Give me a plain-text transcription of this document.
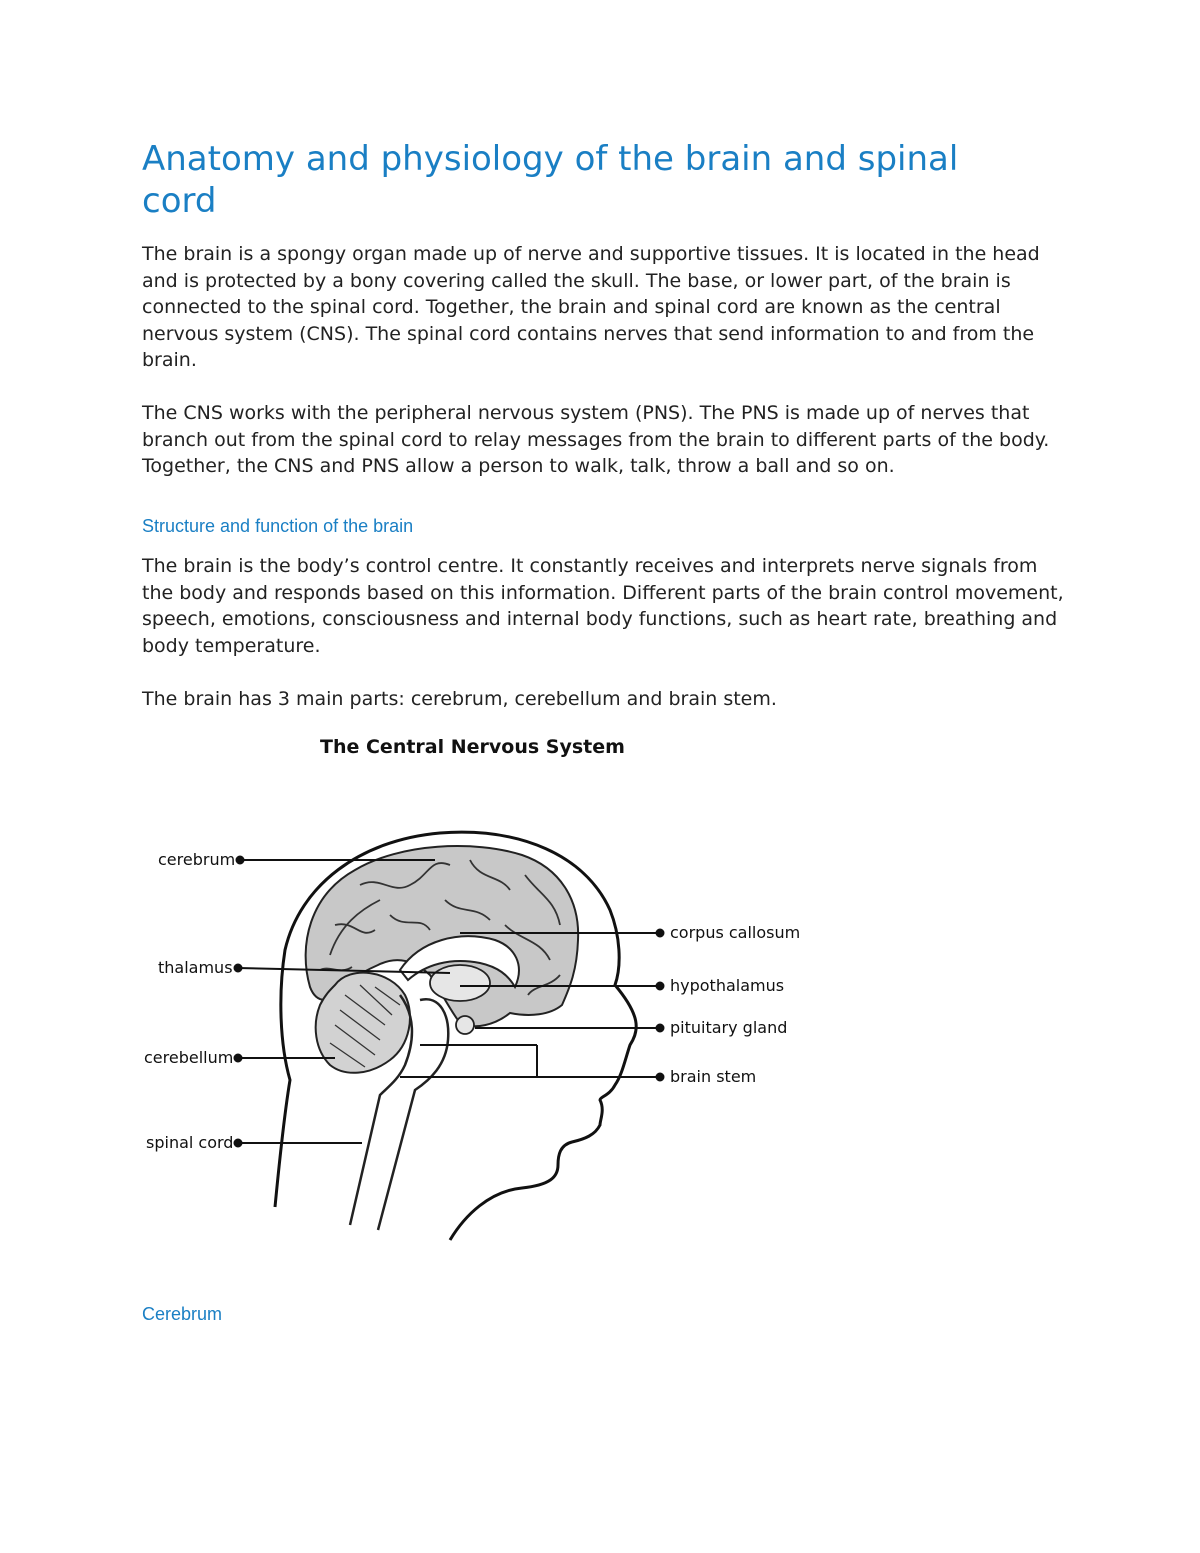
Anatomy and physiology of the brain and spinal cord

The brain is a spongy organ made up of nerve and supportive tissues. It is located in the head and is protected by a bony covering called the skull. The base, or lower part, of the brain is connected to the spinal cord. Together, the brain and spinal cord are known as the central nervous system (CNS). The spinal cord contains nerves that send information to and from the brain.

The CNS works with the peripheral nervous system (PNS). The PNS is made up of nerves that branch out from the spinal cord to relay messages from the brain to different parts of the body. Together, the CNS and PNS allow a person to walk, talk, throw a ball and so on.

Structure and function of the brain

The brain is the body’s control centre. It constantly receives and interprets nerve signals from the body and responds based on this information. Different parts of the brain control movement, speech, emotions, consciousness and internal body functions, such as heart rate, breathing and body temperature.

The brain has 3 main parts: cerebrum, cerebellum and brain stem.

The Central Nervous System
cerebrum
thalamus
cerebellum
spinal cord
corpus callosum
hypothalamus
pituitary gland
brain stem
Cerebrum
